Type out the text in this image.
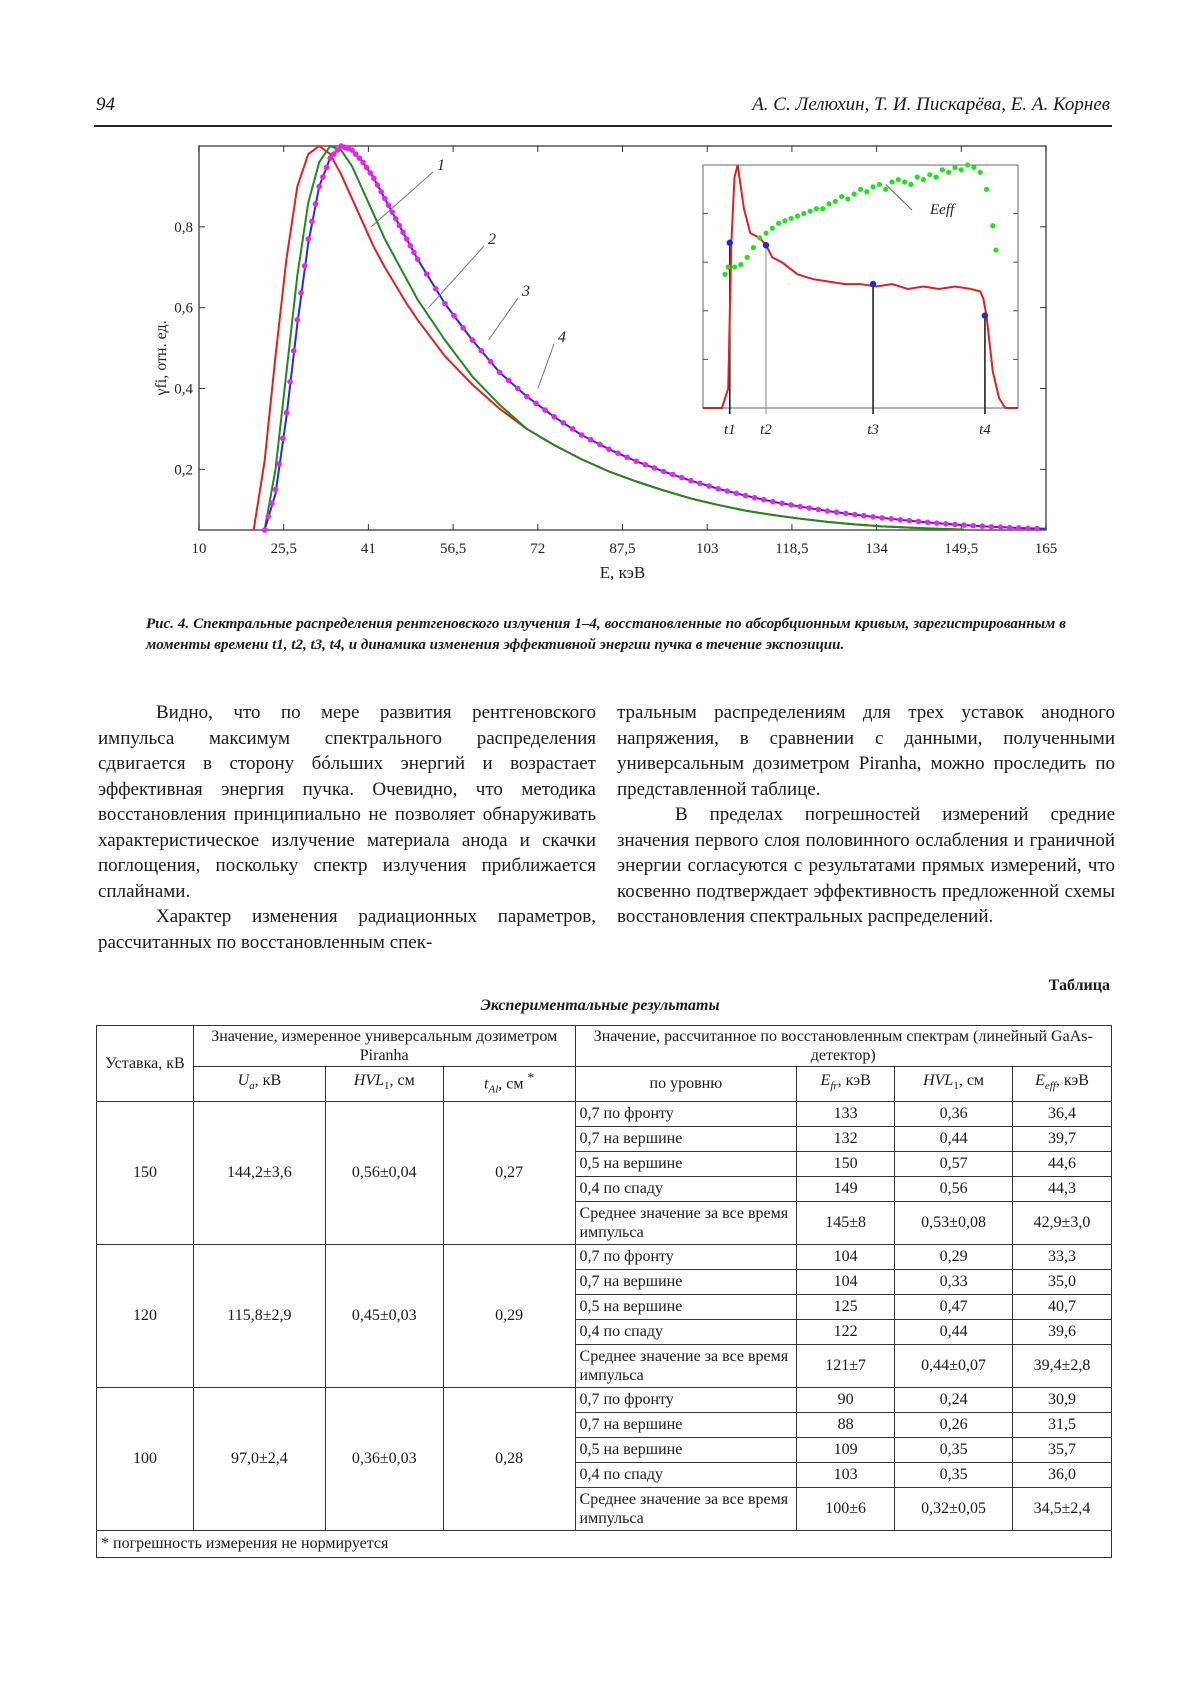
94	А. С. Лелюхин, Т. И. Пискарёва, Е. А. Корнев
10	25,5	41	56,5	72	87,5	103	118,5	134	149,5	165
0,2
0,4
0,6
0,8
E, кэВ
γfi, отн. ед.
1
2
3
4
t1 t2	t3	t4
Eeff
Рис. 4. Спектральные распределения рентгеновского излучения 1–4, восстановленные по абсорбционным кривым, зарегистрированным в моменты времени t1, t2, t3, t4, и динамика изменения эффективной энергии пучка в течение экспозиции.

Видно, что по мере развития рентгеновского импульса максимум спектрального распределения сдвигается в сторону бóльших энергий и возрастает эффективная энергия пучка. Очевидно, что методика восстановления принципиально не позволяет обнаруживать характеристическое излучение материала анода и скачки поглощения, поскольку спектр излучения приближается сплайнами.

Характер изменения радиационных параметров, рассчитанных по восстановленным спек-

тральным распределениям для трех уставок анодного напряжения, в сравнении с данными, полученными универсальным дозиметром Piranha, можно проследить по представленной таблице.

В пределах погрешностей измерений средние значения первого слоя половинного ослабления и граничной энергии согласуются с результатами прямых измерений, что косвенно подтверждает эффективность предложенной схемы восстановления спектральных распределений.

Таблица
Экспериментальные результаты
Уставка, кВ	Значение, измеренное универсальным дозиметром Piranha			Значение, рассчитанное по восстановленным спектрам (линейный GaAs-детектор)			
	$U_a$, кВ	$HVL_1$, см	$t_{Al}$, см *	по уровню	$E_{fr}$, кэВ	$HVL_1$, см	$E_{eff}$, кэВ
150	144,2±3,6	0,56±0,04	0,27	0,7 по фронту	133	0,36	36,4
				0,7 на вершине	132	0,44	39,7
				0,5 на вершине	150	0,57	44,6
				0,4 по спаду	149	0,56	44,3
				Среднее значение за все время импульса	145±8	0,53±0,08	42,9±3,0
120	115,8±2,9	0,45±0,03	0,29	0,7 по фронту	104	0,29	33,3
				0,7 на вершине	104	0,33	35,0
				0,5 на вершине	125	0,47	40,7
				0,4 по спаду	122	0,44	39,6
				Среднее значение за все время импульса	121±7	0,44±0,07	39,4±2,8
100	97,0±2,4	0,36±0,03	0,28	0,7 по фронту	90	0,24	30,9
				0,7 на вершине	88	0,26	31,5
				0,5 на вершине	109	0,35	35,7
				0,4 по спаду	103	0,35	36,0
				Среднее значение за все время импульса	100±6	0,32±0,05	34,5±2,4
* погрешность измерения не нормируется							
